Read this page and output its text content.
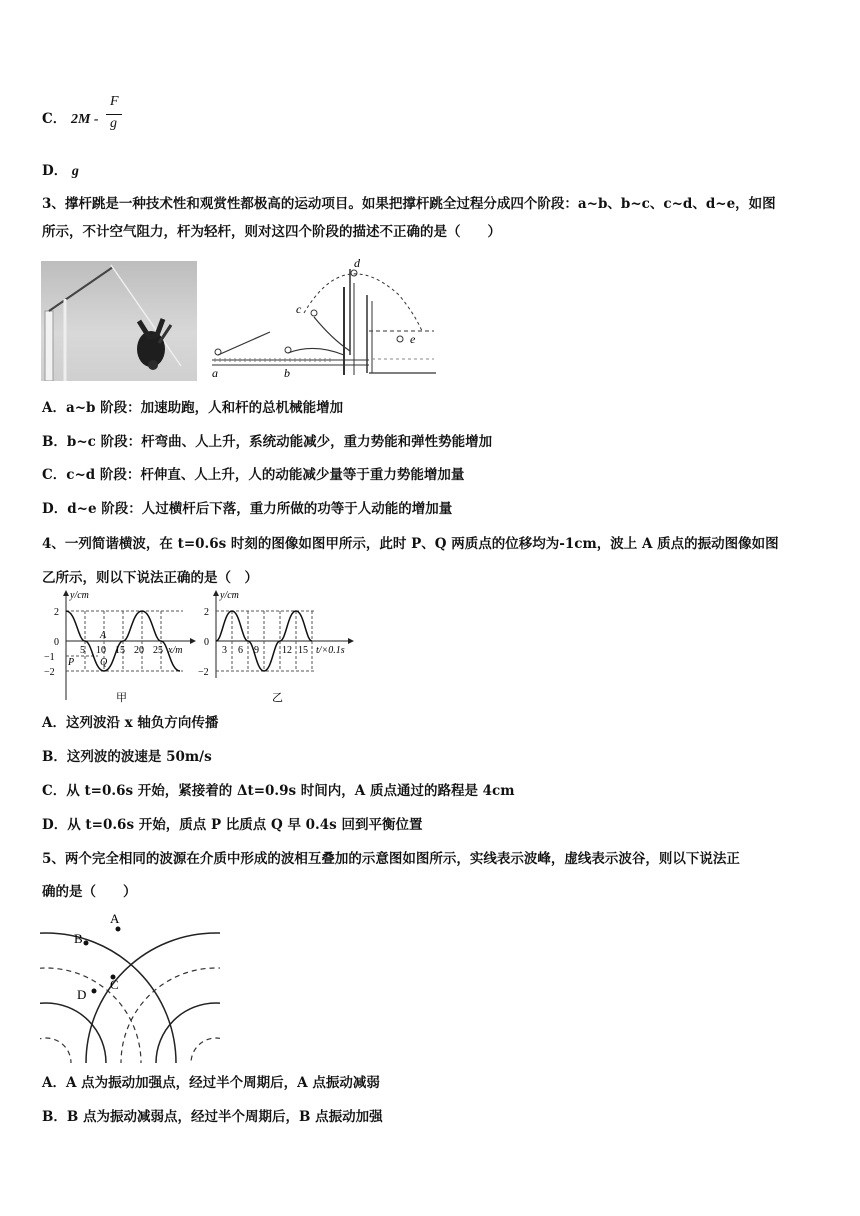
C． 2M -
F
g
D． g
3、撑杆跳是一种技术性和观赏性都极高的运动项目。如果把撑杆跳全过程分成四个阶段：a~b、b~c、c~d、d~e，如图
所示，不计空气阻力，杆为轻杆，则对这四个阶段的描述不正确的是（　　）
a	b
c
d
e
A．a~b 阶段：加速助跑，人和杆的总机械能增加
B．b~c 阶段：杆弯曲、人上升，系统动能减少，重力势能和弹性势能增加
C．c~d 阶段：杆伸直、人上升，人的动能减少量等于重力势能增加量
D．d~e 阶段：人过横杆后下落，重力所做的功等于人动能的增加量
4、一列简谐横波，在 t=0.6s 时刻的图像如图甲所示，此时 P、Q 两质点的位移均为-1cm，波上 A 质点的振动图像如图
乙所示，则以下说法正确的是（　）
y/cm
x/m
2
0
−1
−2
5 10 15 20 25
A
P	Q
甲
y/cm
t/×0.1s
2
0
−2
3 6 9 12 15
乙
A．这列波沿 x 轴负方向传播
B．这列波的波速是 50m/s
C．从 t=0.6s 开始，紧接着的 Δt=0.9s 时间内，A 质点通过的路程是 4cm
D．从 t=0.6s 开始，质点 P 比质点 Q 早 0.4s 回到平衡位置
5、两个完全相同的波源在介质中形成的波相互叠加的示意图如图所示，实线表示波峰，虚线表示波谷，则以下说法正
确的是（　　）
A
B
C
D
A．A 点为振动加强点，经过半个周期后，A 点振动减弱
B．B 点为振动减弱点，经过半个周期后，B 点振动加强
